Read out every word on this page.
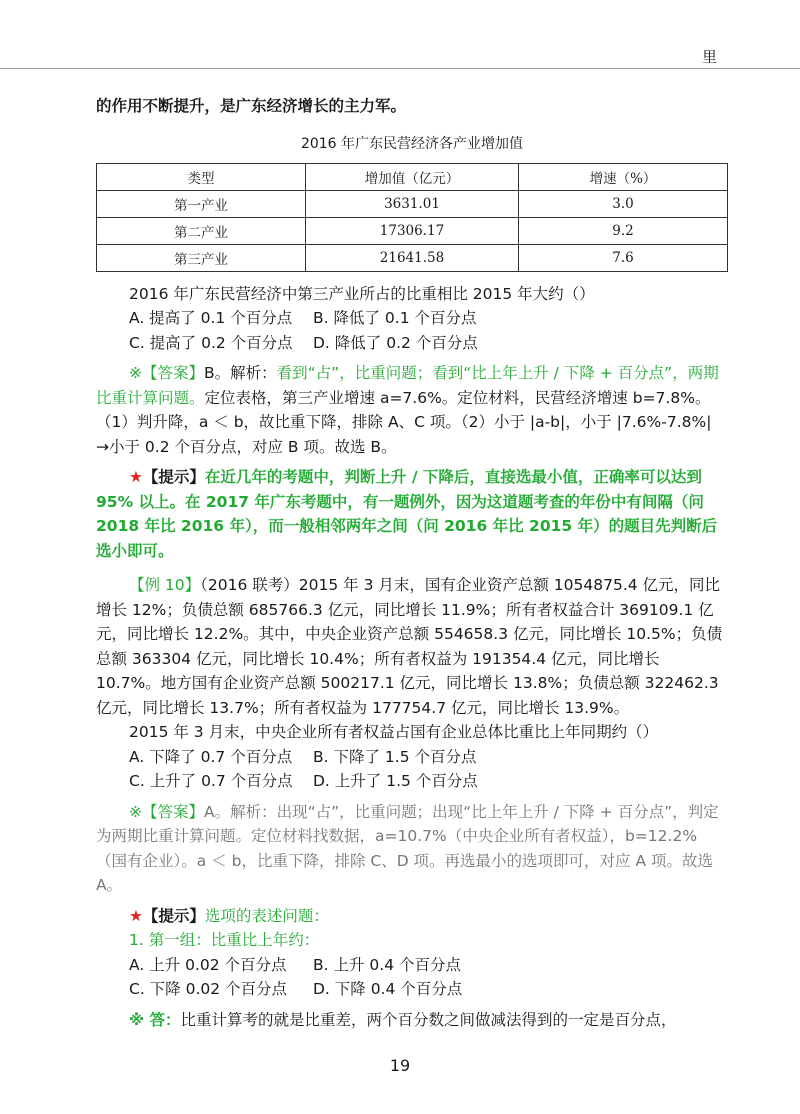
里

的作用不断提升，是广东经济增长的主力军。

2016 年广东民营经济各产业增加值
类型	增加值（亿元）	增速（%）
第一产业	3631.01	3.0
第二产业	17306.17	9.2
第三产业	21641.58	7.6

2016 年广东民营经济中第三产业所占的比重相比 2015 年大约（）

A. 提高了 0.1 个百分点	B. 降低了 0.1 个百分点
C. 提高了 0.2 个百分点	D. 降低了 0.2 个百分点

※【答案】B。解析：看到“占”，比重问题；看到“比上年上升 / 下降 + 百分点”，两期比重计算问题。定位表格，第三产业增速 a=7.6%。定位材料，民营经济增速 b=7.8%。（1）判升降，a ＜ b，故比重下降，排除 A、C 项。（2）小于 |a-b|，小于 |7.6%-7.8%| →小于 0.2 个百分点，对应 B 项。故选 B。

★【提示】在近几年的考题中，判断上升 / 下降后，直接选最小值，正确率可以达到 95% 以上。在 2017 年广东考题中，有一题例外，因为这道题考查的年份中有间隔（问 2018 年比 2016 年），而一般相邻两年之间（问 2016 年比 2015 年）的题目先判断后选小即可。

【例 10】（2016 联考）2015 年 3 月末，国有企业资产总额 1054875.4 亿元，同比增长 12%；负债总额 685766.3 亿元，同比增长 11.9%；所有者权益合计 369109.1 亿元，同比增长 12.2%。其中，中央企业资产总额 554658.3 亿元，同比增长 10.5%；负债总额 363304 亿元，同比增长 10.4%；所有者权益为 191354.4 亿元，同比增长 10.7%。地方国有企业资产总额 500217.1 亿元，同比增长 13.8%；负债总额 322462.3 亿元，同比增长 13.7%；所有者权益为 177754.7 亿元，同比增长 13.9%。

2015 年 3 月末，中央企业所有者权益占国有企业总体比重比上年同期约（）

A. 下降了 0.7 个百分点	B. 下降了 1.5 个百分点
C. 上升了 0.7 个百分点	D. 上升了 1.5 个百分点

※【答案】A。解析：出现“占”，比重问题；出现“比上年上升 / 下降 + 百分点”，判定为两期比重计算问题。定位材料找数据，a=10.7%（中央企业所有者权益），b=12.2%（国有企业）。a ＜ b，比重下降，排除 C、D 项。再选最小的选项即可，对应 A 项。故选 A。

★【提示】选项的表述问题：

1. 第一组：比重比上年约：

A. 上升 0.02 个百分点	B. 上升 0.4 个百分点
C. 下降 0.02 个百分点	D. 下降 0.4 个百分点

※ 答：比重计算考的就是比重差，两个百分数之间做减法得到的一定是百分点，

19
